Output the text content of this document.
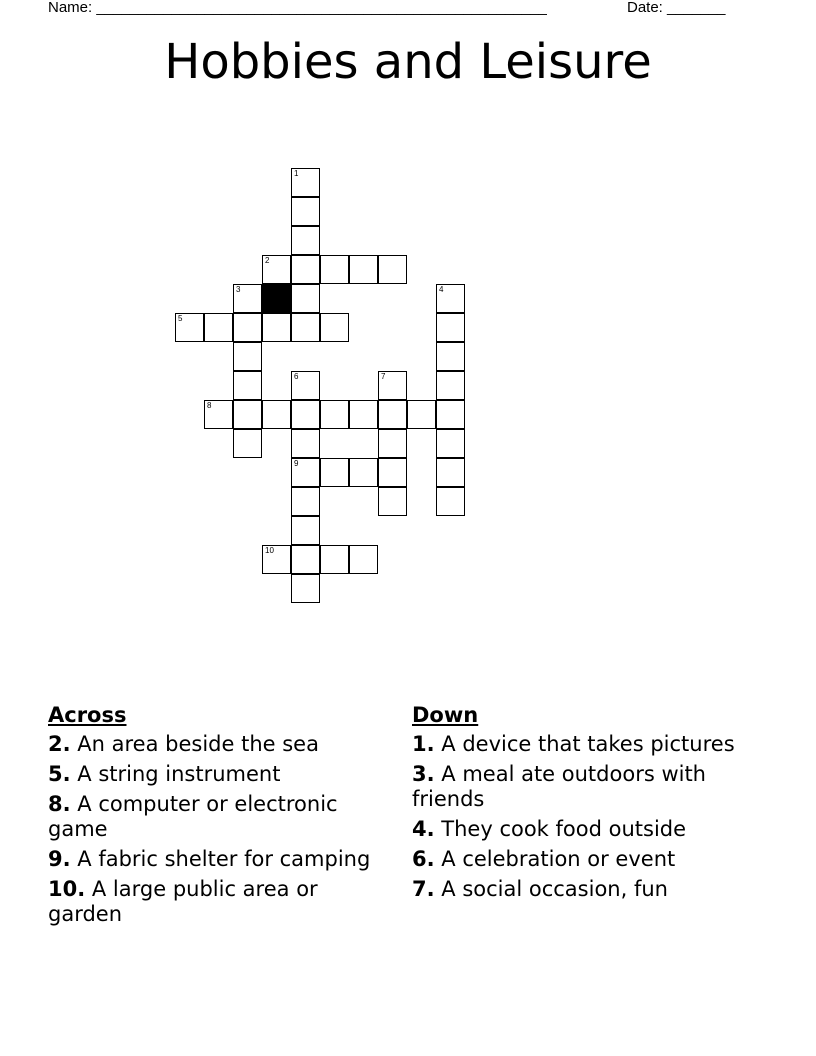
Name: ______________________________________________________	Date: _______
Hobbies and Leisure
1
2
3	4
5
6
9
7
8
10
Across
2. An area beside the sea
5. A string instrument
8. A computer or electronic game
9. A fabric shelter for camping
10. A large public area or garden
Down
1. A device that takes pictures
3. A meal ate outdoors with friends
4. They cook food outside
6. A celebration or event
7. A social occasion, fun
